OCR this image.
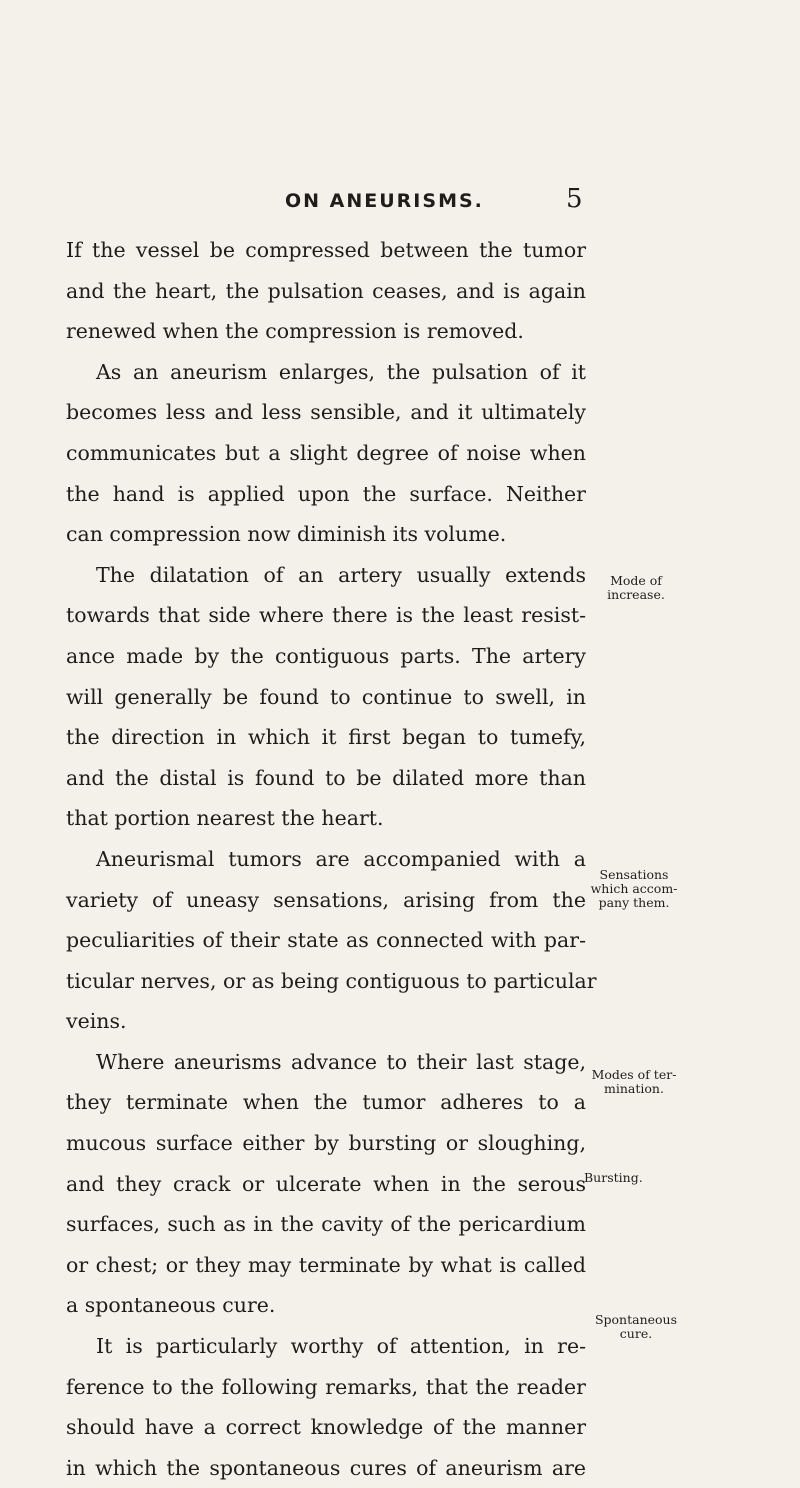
ON ANEURISMS.	5
If the vessel be compressed between the tumor
and the heart, the pulsation ceases, and is again
renewed when the compression is removed.
As an aneurism enlarges, the pulsation of it
becomes less and less sensible, and it ultimately
communicates but a slight degree of noise when
the hand is applied upon the surface. Neither
can compression now diminish its volume.
The dilatation of an artery usually extends
towards that side where there is the least resist-
ance made by the contiguous parts. The artery
will generally be found to continue to swell, in
the direction in which it first began to tumefy,
and the distal is found to be dilated more than
that portion nearest the heart.
Aneurismal tumors are accompanied with a
variety of uneasy sensations, arising from the
peculiarities of their state as connected with par-
ticular nerves, or as being contiguous to particular
veins.
Where aneurisms advance to their last stage,
they terminate when the tumor adheres to a
mucous surface either by bursting or sloughing,
and they crack or ulcerate when in the serous
surfaces, such as in the cavity of the pericardium
or chest; or they may terminate by what is called
a spontaneous cure.
It is particularly worthy of attention, in re-
ference to the following remarks, that the reader
should have a correct knowledge of the manner
in which the spontaneous cures of aneurism are
Mode of
increase.
Sensations
which accom-
pany them.
Modes of ter-
mination.
Bursting.
Spontaneous
cure.
